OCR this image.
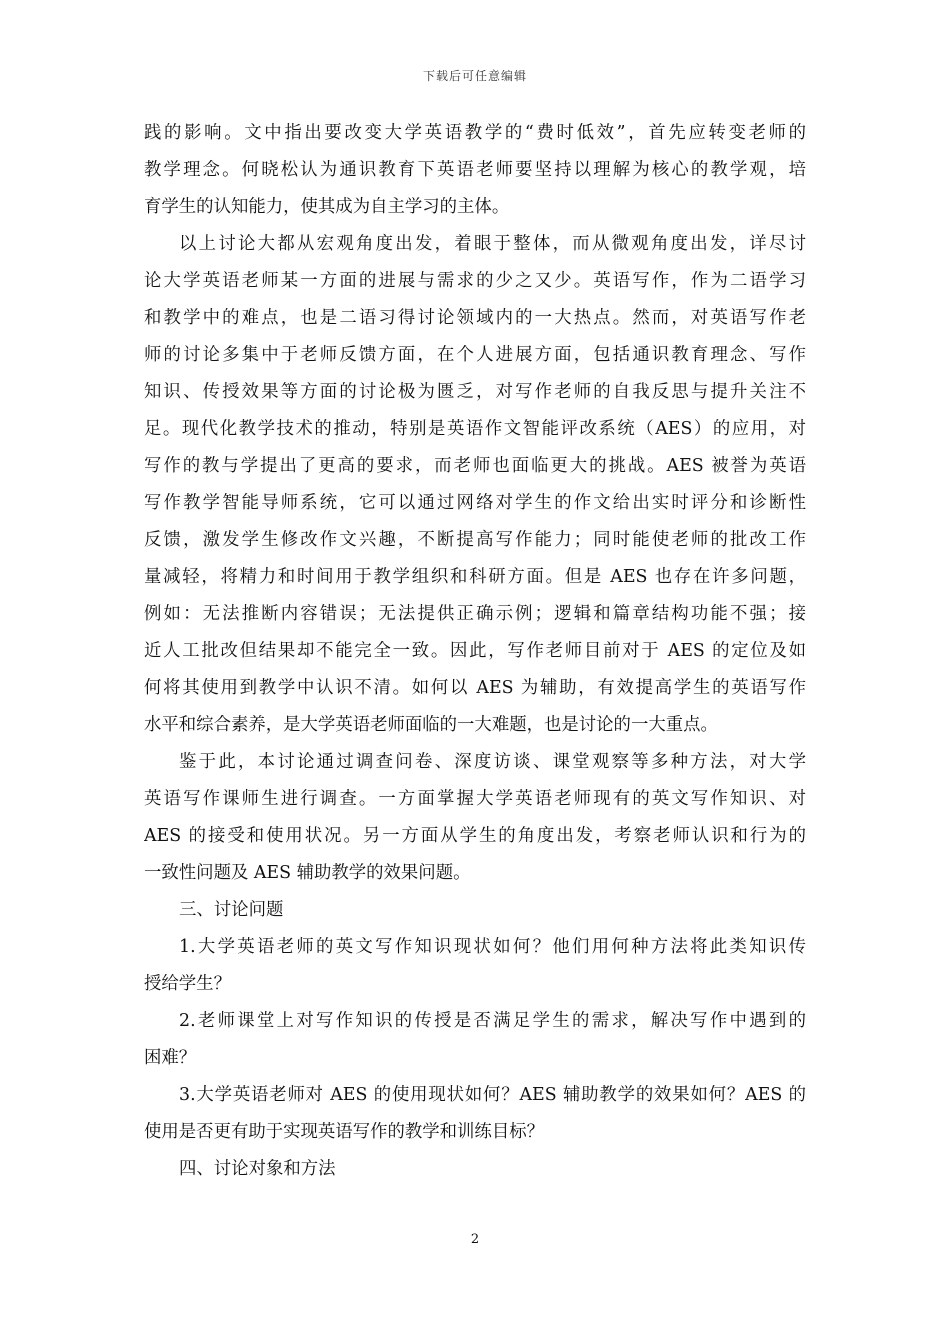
下载后可任意编辑
践的影响。文中指出要改变大学英语教学的“费时低效”，首先应转变老师的
教学理念。何晓松认为通识教育下英语老师要坚持以理解为核心的教学观，培
育学生的认知能力，使其成为自主学习的主体。
以上讨论大都从宏观角度出发，着眼于整体，而从微观角度出发，详尽讨
论大学英语老师某一方面的进展与需求的少之又少。英语写作，作为二语学习
和教学中的难点，也是二语习得讨论领域内的一大热点。然而，对英语写作老
师的讨论多集中于老师反馈方面，在个人进展方面，包括通识教育理念、写作
知识、传授效果等方面的讨论极为匮乏，对写作老师的自我反思与提升关注不
足。现代化教学技术的推动，特别是英语作文智能评改系统（AES）的应用，对
写作的教与学提出了更高的要求，而老师也面临更大的挑战。AES 被誉为英语
写作教学智能导师系统，它可以通过网络对学生的作文给出实时评分和诊断性
反馈，激发学生修改作文兴趣，不断提高写作能力；同时能使老师的批改工作
量减轻，将精力和时间用于教学组织和科研方面。但是 AES 也存在许多问题，
例如：无法推断内容错误；无法提供正确示例；逻辑和篇章结构功能不强；接
近人工批改但结果却不能完全一致。因此，写作老师目前对于 AES 的定位及如
何将其使用到教学中认识不清。如何以 AES 为辅助，有效提高学生的英语写作
水平和综合素养，是大学英语老师面临的一大难题，也是讨论的一大重点。
鉴于此，本讨论通过调查问卷、深度访谈、课堂观察等多种方法，对大学
英语写作课师生进行调查。一方面掌握大学英语老师现有的英文写作知识、对
AES 的接受和使用状况。另一方面从学生的角度出发，考察老师认识和行为的
一致性问题及 AES 辅助教学的效果问题。
三、讨论问题
1.大学英语老师的英文写作知识现状如何？他们用何种方法将此类知识传
授给学生？
2.老师课堂上对写作知识的传授是否满足学生的需求，解决写作中遇到的
困难？
3.大学英语老师对 AES 的使用现状如何？AES 辅助教学的效果如何？AES 的
使用是否更有助于实现英语写作的教学和训练目标？
四、讨论对象和方法
2
